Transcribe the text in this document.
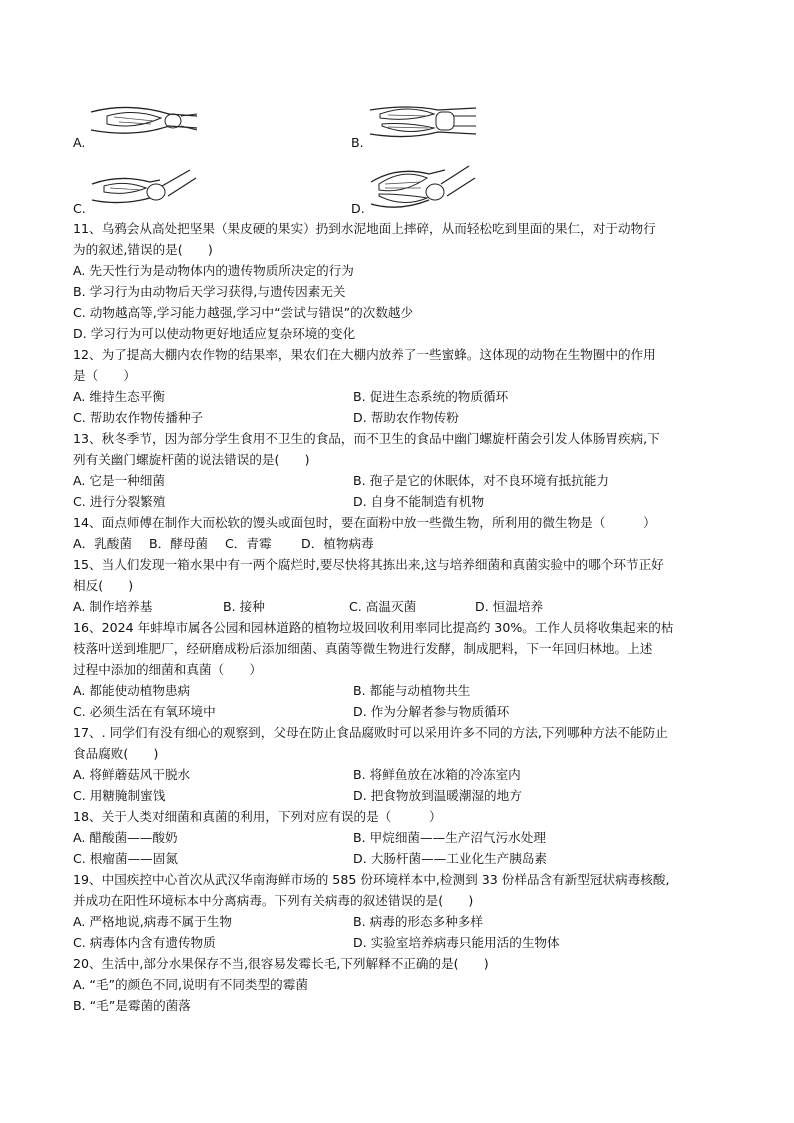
A.	B.
C.	D.
11、乌鸦会从高处把坚果（果皮硬的果实）扔到水泥地面上摔碎，从而轻松吃到里面的果仁，对于动物行
为的叙述,错误的是(　　)
A. 先天性行为是动物体内的遗传物质所决定的行为
B. 学习行为由动物后天学习获得,与遗传因素无关
C. 动物越高等,学习能力越强,学习中“尝试与错误”的次数越少
D. 学习行为可以使动物更好地适应复杂环境的变化
12、为了提高大棚内农作物的结果率，果农们在大棚内放养了一些蜜蜂。这体现的动物在生物圈中的作用
是（　　）
A. 维持生态平衡	B. 促进生态系统的物质循环
C. 帮助农作物传播种子	D. 帮助农作物传粉
13、秋冬季节，因为部分学生食用不卫生的食品，而不卫生的食品中幽门螺旋杆菌会引发人体肠胃疾病,下
列有关幽门螺旋杆菌的说法错误的是(　　)
A. 它是一种细菌	B. 孢子是它的休眠体，对不良环境有抵抗能力
C. 进行分裂繁殖	D. 自身不能制造有机物
14、面点师傅在制作大而松软的馒头或面包时，要在面粉中放一些微生物，所利用的微生物是（　　　）
A．乳酸菌	B．酵母菌	C．青霉	D．植物病毒
15、当人们发现一箱水果中有一两个腐烂时,要尽快将其拣出来,这与培养细菌和真菌实验中的哪个环节正好
相反(　　)
A. 制作培养基	B. 接种	C. 高温灭菌	D. 恒温培养
16、2024 年蚌埠市属各公园和园林道路的植物垃圾回收利用率同比提高约 30%。工作人员将收集起来的枯
枝落叶送到堆肥厂，经研磨成粉后添加细菌、真菌等微生物进行发酵，制成肥料，下一年回归林地。上述
过程中添加的细菌和真菌（　　）
A. 都能使动植物患病	B. 都能与动植物共生
C. 必须生活在有氧环境中	D. 作为分解者参与物质循环
17、. 同学们有没有细心的观察到，父母在防止食品腐败时可以采用许多不同的方法,下列哪种方法不能防止
食品腐败(　　)
A. 将鲜蘑菇风干脱水	B. 将鲜鱼放在冰箱的冷冻室内
C. 用糖腌制蜜饯	D. 把食物放到温暖潮湿的地方
18、关于人类对细菌和真菌的利用，下列对应有误的是（　　　）
A. 醋酸菌——酸奶	B. 甲烷细菌——生产沼气污水处理
C. 根瘤菌——固氮	D. 大肠杆菌——工业化生产胰岛素
19、中国疾控中心首次从武汉华南海鲜市场的 585 份环境样本中,检测到 33 份样品含有新型冠状病毒核酸,
并成功在阳性环境标本中分离病毒。下列有关病毒的叙述错误的是(　　)
A. 严格地说,病毒不属于生物	B. 病毒的形态多种多样
C. 病毒体内含有遗传物质	D. 实验室培养病毒只能用活的生物体
20、生活中,部分水果保存不当,很容易发霉长毛,下列解释不正确的是(　　)
A. “毛”的颜色不同,说明有不同类型的霉菌
B. “毛”是霉菌的菌落
